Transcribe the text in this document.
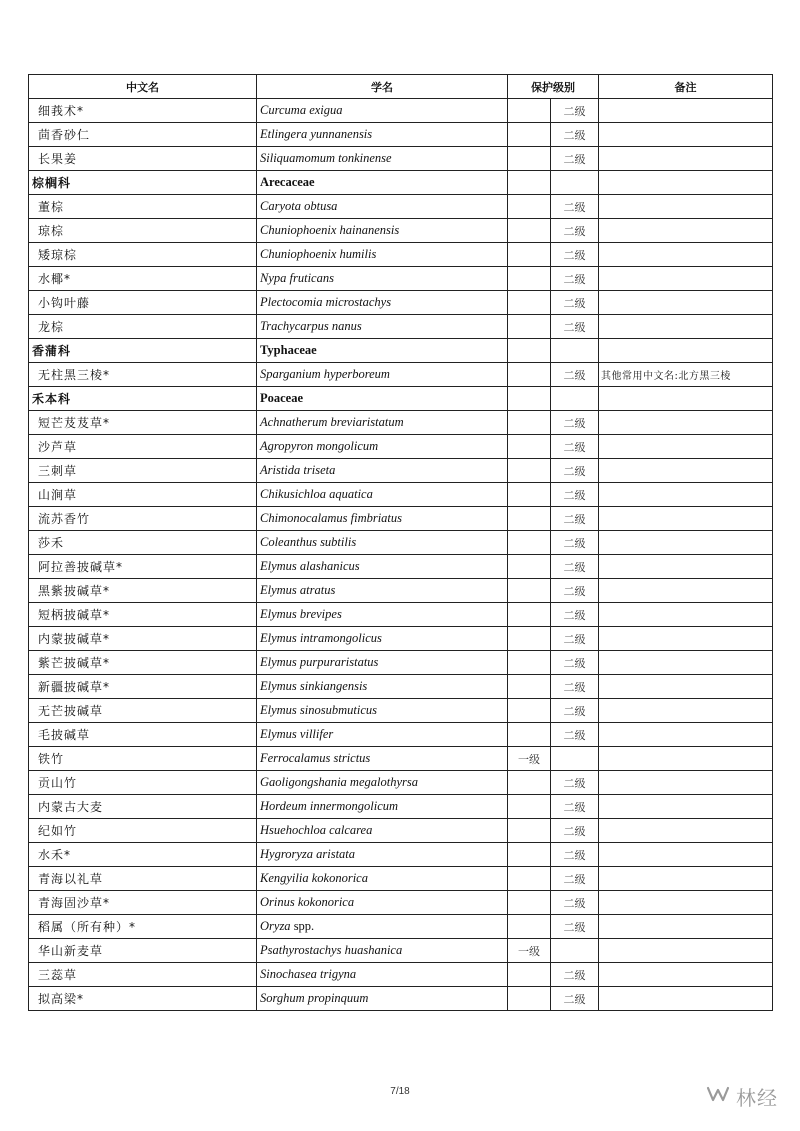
中文名	学名	保护级别		备注
细莪术*	Curcuma exigua		二级	
茴香砂仁	Etlingera yunnanensis		二级	
长果姜	Siliquamomum tonkinense		二级	
棕榈科	Arecaceae			
董棕	Caryota obtusa		二级	
琼棕	Chuniophoenix hainanensis		二级	
矮琼棕	Chuniophoenix humilis		二级	
水椰*	Nypa fruticans		二级	
小钩叶藤	Plectocomia microstachys		二级	
龙棕	Trachycarpus nanus		二级	
香蒲科	Typhaceae			
无柱黑三棱*	Sparganium hyperboreum		二级	其他常用中文名:北方黑三棱
禾本科	Poaceae			
短芒芨芨草*	Achnatherum breviaristatum		二级	
沙芦草	Agropyron mongolicum		二级	
三刺草	Aristida triseta		二级	
山涧草	Chikusichloa aquatica		二级	
流苏香竹	Chimonocalamus fimbriatus		二级	
莎禾	Coleanthus subtilis		二级	
阿拉善披碱草*	Elymus alashanicus		二级	
黑紫披碱草*	Elymus atratus		二级	
短柄披碱草*	Elymus brevipes		二级	
内蒙披碱草*	Elymus intramongolicus		二级	
紫芒披碱草*	Elymus purpuraristatus		二级	
新疆披碱草*	Elymus sinkiangensis		二级	
无芒披碱草	Elymus sinosubmuticus		二级	
毛披碱草	Elymus villifer		二级	
铁竹	Ferrocalamus strictus	一级		
贡山竹	Gaoligongshania megalothyrsa		二级	
内蒙古大麦	Hordeum innermongolicum		二级	
纪如竹	Hsuehochloa calcarea		二级	
水禾*	Hygroryza aristata		二级	
青海以礼草	Kengyilia kokonorica		二级	
青海固沙草*	Orinus kokonorica		二级	
稻属（所有种）*	Oryza spp.		二级	
华山新麦草	Psathyrostachys huashanica	一级		
三蕊草	Sinochasea trigyna		二级	
拟高梁*	Sorghum propinquum		二级	
7/18	林经
